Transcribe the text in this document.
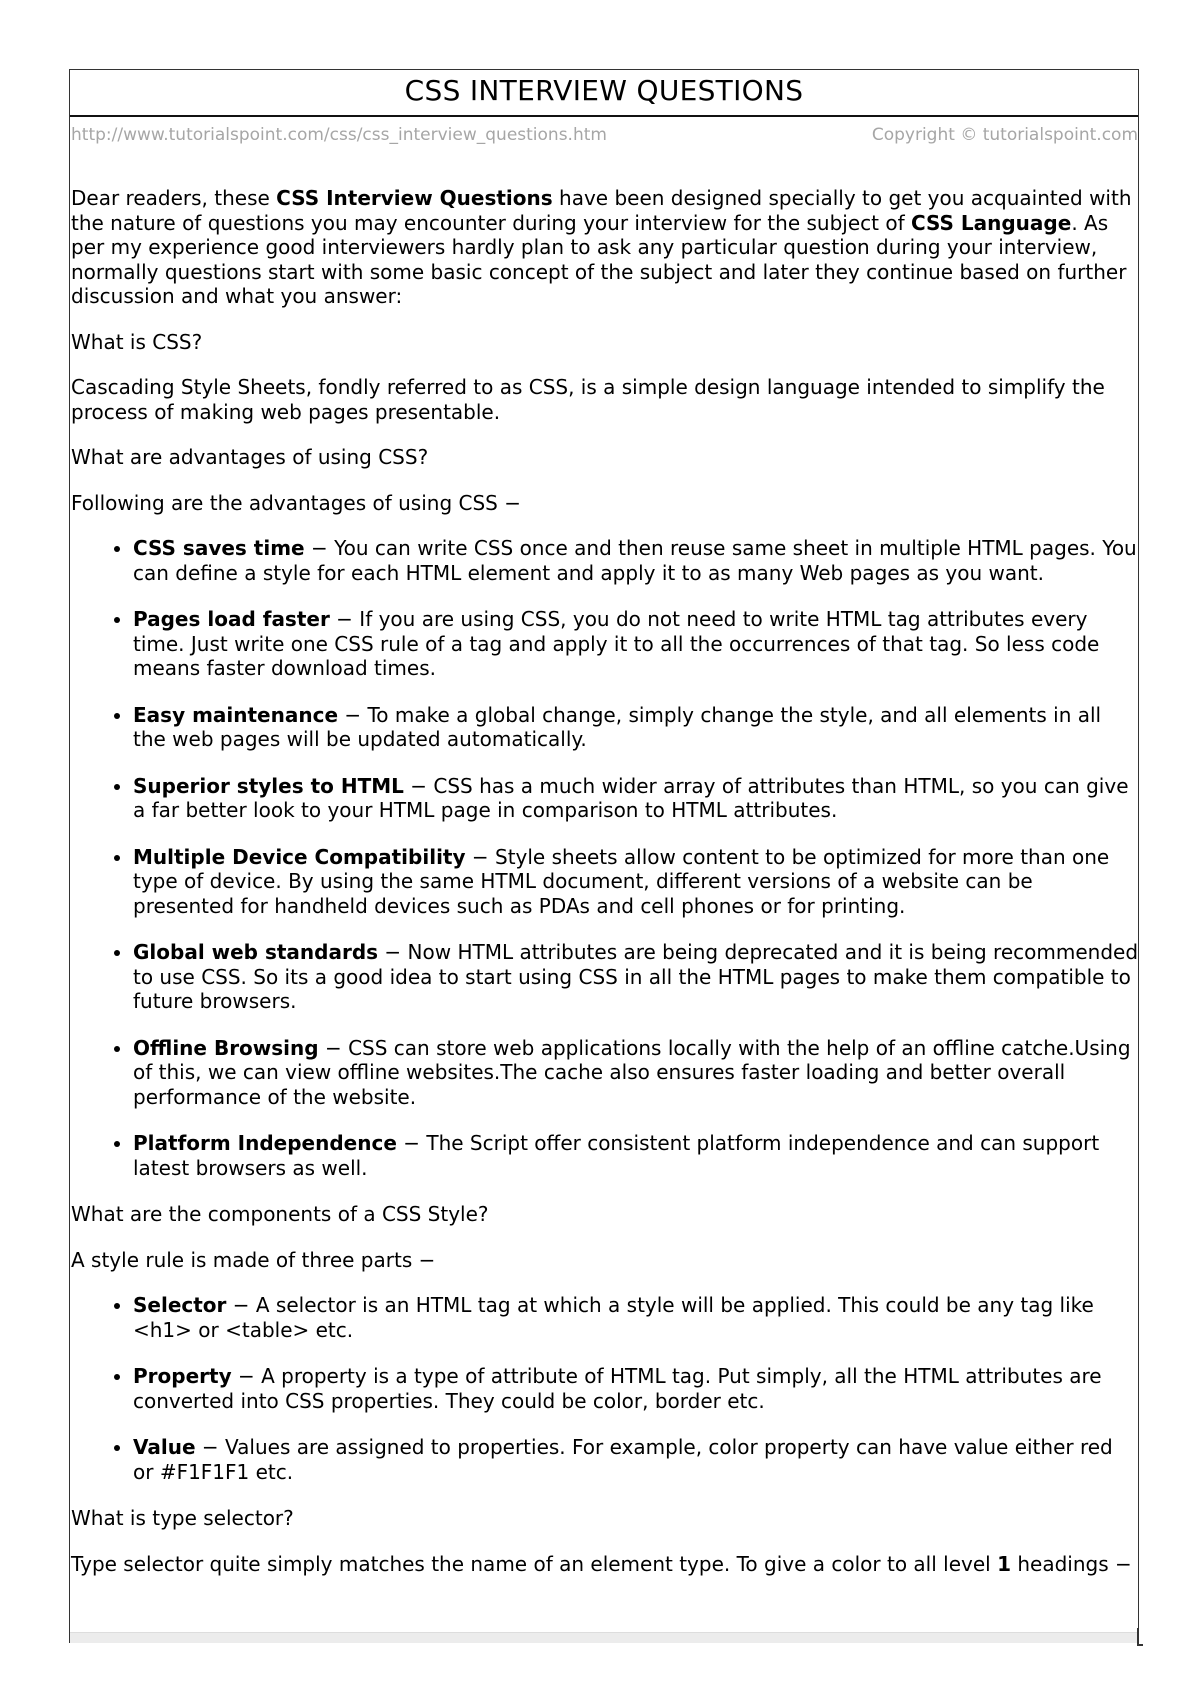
CSS INTERVIEW QUESTIONS
http://www.tutorialspoint.com/css/css_interview_questions.htm	Copyright © tutorialspoint.com

Dear readers, these CSS Interview Questions have been designed specially to get you acquainted with the nature of questions you may encounter during your interview for the subject of CSS Language. As per my experience good interviewers hardly plan to ask any particular question during your interview, normally questions start with some basic concept of the subject and later they continue based on further discussion and what you answer:

What is CSS?

Cascading Style Sheets, fondly referred to as CSS, is a simple design language intended to simplify the process of making web pages presentable.

What are advantages of using CSS?

Following are the advantages of using CSS −

• CSS saves time − You can write CSS once and then reuse same sheet in multiple HTML pages. You can define a style for each HTML element and apply it to as many Web pages as you want.
• Pages load faster − If you are using CSS, you do not need to write HTML tag attributes every time. Just write one CSS rule of a tag and apply it to all the occurrences of that tag. So less code means faster download times.
• Easy maintenance − To make a global change, simply change the style, and all elements in all the web pages will be updated automatically.
• Superior styles to HTML − CSS has a much wider array of attributes than HTML, so you can give a far better look to your HTML page in comparison to HTML attributes.
• Multiple Device Compatibility − Style sheets allow content to be optimized for more than one type of device. By using the same HTML document, different versions of a website can be presented for handheld devices such as PDAs and cell phones or for printing.
• Global web standards − Now HTML attributes are being deprecated and it is being recommended to use CSS. So its a good idea to start using CSS in all the HTML pages to make them compatible to future browsers.
• Offline Browsing − CSS can store web applications locally with the help of an offline catche.Using of this, we can view offline websites.The cache also ensures faster loading and better overall performance of the website.
• Platform Independence − The Script offer consistent platform independence and can support latest browsers as well.

What are the components of a CSS Style?

A style rule is made of three parts −

• Selector − A selector is an HTML tag at which a style will be applied. This could be any tag like <h1> or <table> etc.
• Property − A property is a type of attribute of HTML tag. Put simply, all the HTML attributes are converted into CSS properties. They could be color, border etc.
• Value − Values are assigned to properties. For example, color property can have value either red or #F1F1F1 etc.

What is type selector?

Type selector quite simply matches the name of an element type. To give a color to all level 1 headings −
